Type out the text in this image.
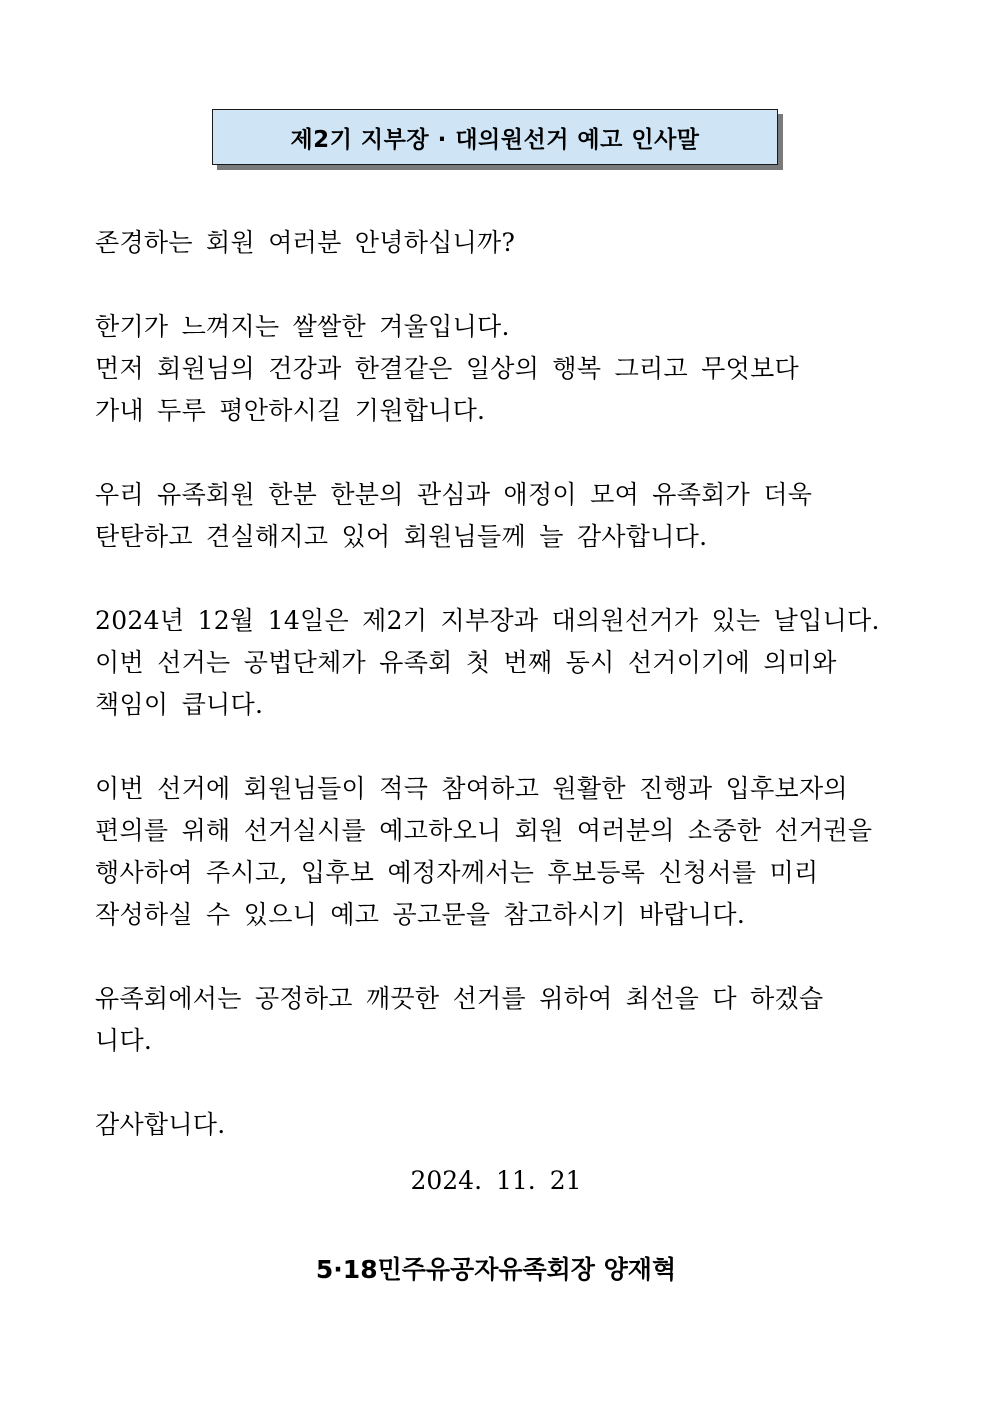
제2기 지부장 · 대의원선거 예고 인사말
존경하는 회원 여러분 안녕하십니까?
한기가 느껴지는 쌀쌀한 겨울입니다.
먼저 회원님의 건강과 한결같은 일상의 행복 그리고 무엇보다
가내 두루 평안하시길 기원합니다.
우리 유족회원 한분 한분의 관심과 애정이 모여 유족회가 더욱
탄탄하고 견실해지고 있어 회원님들께 늘 감사합니다.
2024년 12월 14일은 제2기 지부장과 대의원선거가 있는 날입니다.
이번 선거는 공법단체가 유족회 첫 번째 동시 선거이기에 의미와
책임이 큽니다.
이번 선거에 회원님들이 적극 참여하고 원활한 진행과 입후보자의
편의를 위해 선거실시를 예고하오니 회원 여러분의 소중한 선거권을
행사하여 주시고, 입후보 예정자께서는 후보등록 신청서를 미리
작성하실 수 있으니 예고 공고문을 참고하시기 바랍니다.
유족회에서는 공정하고 깨끗한 선거를 위하여 최선을 다 하겠습
니다.
감사합니다.
2024. 11. 21
5·18민주유공자유족회장 양재혁
